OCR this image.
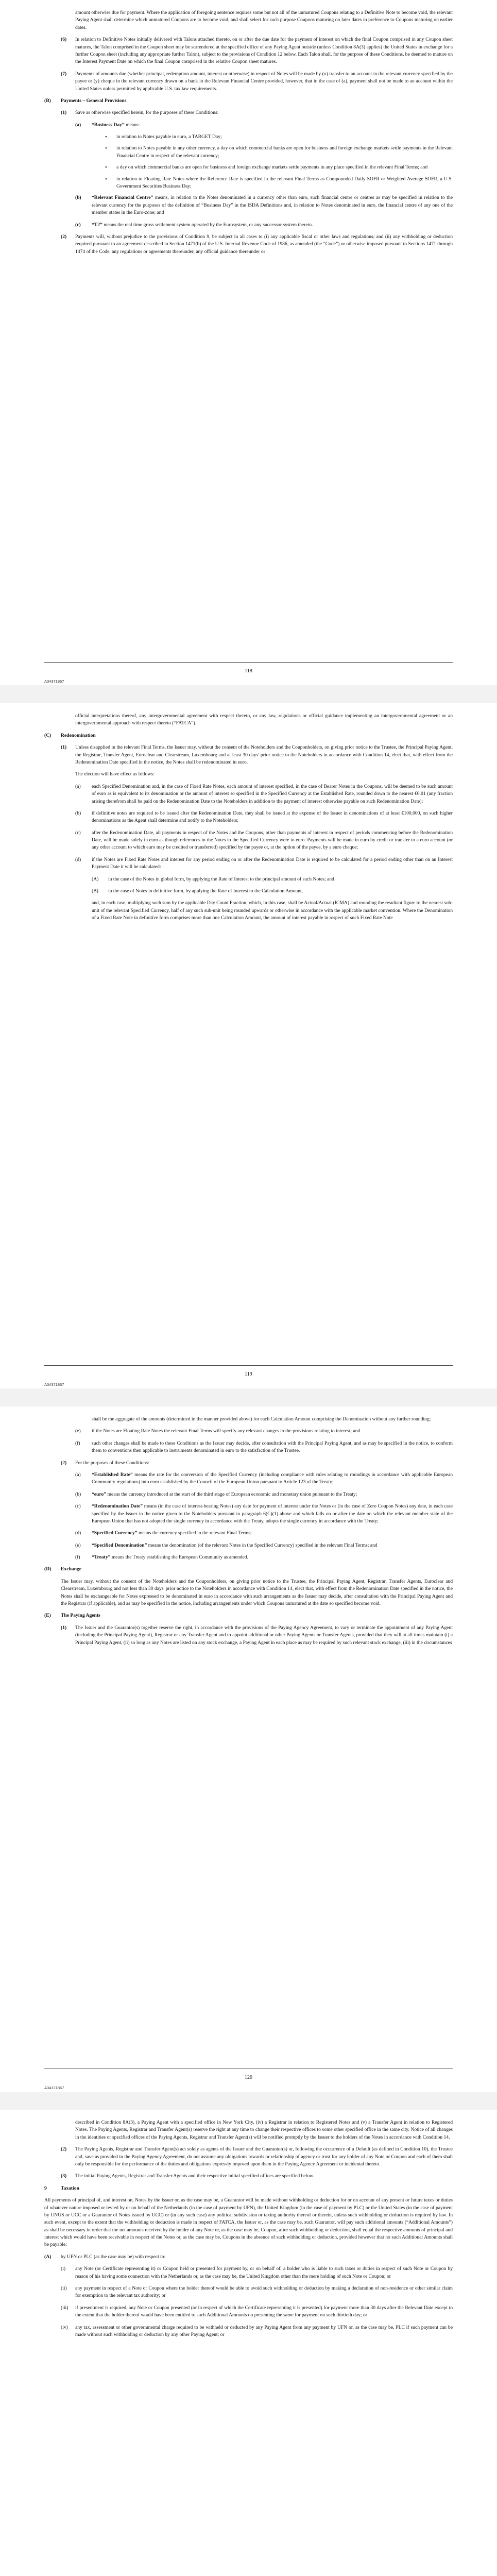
amount otherwise due for payment. Where the application of foregoing sentence requires some but not all of the unmatured Coupons relating to a Definitive Note to become void, the relevant Paying Agent shall determine which unmatured Coupons are to become void, and shall select for such purpose Coupons maturing on later dates in preference to Coupons maturing on earlier dates.

(6)	In relation to Definitive Notes initially delivered with Talons attached thereto, on or after the due date for the payment of interest on which the final Coupon comprised in any Coupon sheet matures, the Talon comprised in the Coupon sheet may be surrendered at the specified office of any Paying Agent outside (unless Condition 8A(3) applies) the United States in exchange for a further Coupon sheet (including any appropriate further Talon), subject to the provisions of Condition 12 below. Each Talon shall, for the purpose of these Conditions, be deemed to mature on the Interest Payment Date on which the final Coupon comprised in the relative Coupon sheet matures.
(7)	Payments of amounts due (whether principal, redemption amount, interest or otherwise) in respect of Notes will be made by (x) transfer to an account in the relevant currency specified by the payee or (y) cheque in the relevant currency drawn on a bank in the Relevant Financial Centre provided, however, that in the case of (a), payment shall not be made to an account within the United States unless permitted by applicable U.S. tax law requirements.
(B)	Payments – General Provisions
(1)	Save as otherwise specified herein, for the purposes of these Conditions:
(a)	“Business Day” means:
•	in relation to Notes payable in euro, a TARGET Day;
•	in relation to Notes payable in any other currency, a day on which commercial banks are open for business and foreign exchange markets settle payments in the Relevant Financial Centre in respect of the relevant currency;
•	a day on which commercial banks are open for business and foreign exchange markets settle payments in any place specified in the relevant Final Terms; and
•	in relation to Floating Rate Notes where the Reference Rate is specified in the relevant Final Terms as Compounded Daily SOFR or Weighted Average SOFR, a U.S. Government Securities Business Day;
(b)	“Relevant Financial Centre” means, in relation to the Notes denominated in a currency other than euro, such financial centre or centres as may be specified in relation to the relevant currency for the purposes of the definition of “Business Day” in the ISDA Definitions and, in relation to Notes denominated in euro, the financial centre of any one of the member states in the Euro-zone; and
(c)	“T2” means the real time gross settlement system operated by the Eurosystem, or any successor system thereto.
(2)	Payments will, without prejudice to the provisions of Condition 9, be subject in all cases to (i) any applicable fiscal or other laws and regulations; and (ii) any withholding or deduction required pursuant to an agreement described in Section 1471(b) of the U.S. Internal Revenue Code of 1986, as amended (the “Code”) or otherwise imposed pursuant to Sections 1471 through 1474 of the Code, any regulations or agreements thereunder, any official guidance thereunder or
118
A34371867

official interpretations thereof, any intergovernmental agreement with respect thereto, or any law, regulations or official guidance implementing an intergovernmental agreement or an intergovernmental approach with respect thereto (“FATCA”).

(C)	Redenomination
(1)	Unless disapplied in the relevant Final Terms, the Issuer may, without the consent of the Noteholders and the Couponholders, on giving prior notice to the Trustee, the Principal Paying Agent, the Registrar, Transfer Agent, Euroclear and Clearstream, Luxembourg and at least 30 days' prior notice to the Noteholders in accordance with Condition 14, elect that, with effect from the Redenomination Date specified in the notice, the Notes shall be redenominated in euro.

The election will have effect as follows:

(a)	each Specified Denomination and, in the case of Fixed Rate Notes, each amount of interest specified, in the case of Bearer Notes in the Coupons, will be deemed to be such amount of euro as is equivalent to its denomination or the amount of interest so specified in the Specified Currency at the Established Rate, rounded down to the nearest €0.01 (any fraction arising therefrom shall be paid on the Redenomination Date to the Noteholders in addition to the payment of interest otherwise payable on such Redenomination Date);
(b)	if definitive notes are required to be issued after the Redenomination Date, they shall be issued at the expense of the Issuer in denominations of at least €100,000, on such higher denominations as the Agent shall determine and notify to the Noteholders;
(c)	after the Redenomination Date, all payments in respect of the Notes and the Coupons, other than payments of interest in respect of periods commencing before the Redenomination Date, will be made solely in euro as though references in the Notes to the Specified Currency were to euro. Payments will be made in euro by credit or transfer to a euro account (or any other account to which euro may be credited or transferred) specified by the payee or, at the option of the payee, by a euro cheque;
(d)	if the Notes are Fixed Rate Notes and interest for any period ending on or after the Redenomination Date is required to be calculated for a period ending other than on an Interest Payment Date it will be calculated:
(A)	in the case of the Notes in global form, by applying the Rate of Interest to the principal amount of such Notes; and
(B)	in the case of Notes in definitive form, by applying the Rate of Interest to the Calculation Amount,

and, in each case, multiplying such sum by the applicable Day Count Fraction, which, in this case, shall be Actual/Actual (ICMA) and rounding the resultant figure to the nearest sub-unit of the relevant Specified Currency, half of any such sub-unit being rounded upwards or otherwise in accordance with the applicable market convention. Where the Denomination of a Fixed Rate Note in definitive form comprises more than one Calculation Amount, the amount of interest payable in respect of such Fixed Rate Note

119
A34371867

shall be the aggregate of the amounts (determined in the manner provided above) for each Calculation Amount comprising the Denomination without any further rounding;

(e)	if the Notes are Floating Rate Notes the relevant Final Terms will specify any relevant changes to the provisions relating to interest; and
(f)	such other changes shall be made to these Conditions as the Issuer may decide, after consultation with the Principal Paying Agent, and as may be specified in the notice, to conform them to conventions then applicable to instruments denominated in euro to the satisfaction of the Trustee.
(2)	For the purposes of these Conditions:
(a)	“Established Rate” means the rate for the conversion of the Specified Currency (including compliance with rules relating to roundings in accordance with applicable European Community regulations) into euro established by the Council of the European Union pursuant to Article 123 of the Treaty;
(b)	“euro” means the currency introduced at the start of the third stage of European economic and monetary union pursuant to the Treaty;
(c)	“Redenomination Date” means (in the case of interest-bearing Notes) any date for payment of interest under the Notes or (in the case of Zero Coupon Notes) any date, in each case specified by the Issuer in the notice given to the Noteholders pursuant to paragraph 6(C)(1) above and which falls on or after the date on which the relevant member state of the European Union that has not adopted the single currency in accordance with the Treaty, adopts the single currency in accordance with the Treaty;
(d)	“Specified Currency” means the currency specified in the relevant Final Terms;
(e)	“Specified Denomination” means the denomination (of the relevant Notes in the Specified Currency) specified in the relevant Final Terms; and
(f)	“Treaty” means the Treaty establishing the European Community as amended.
(D)	Exchange

The Issuer may, without the consent of the Noteholders and the Couponholders, on giving prior notice to the Trustee, the Principal Paying Agent, Registrar, Transfer Agents, Euroclear and Clearstream, Luxembourg and not less than 30 days' prior notice to the Noteholders in accordance with Condition 14, elect that, with effect from the Redenomination Date specified in the notice, the Notes shall be exchangeable for Notes expressed to be denominated in euro in accordance with such arrangements as the Issuer may decide, after consultation with the Principal Paying Agent and the Registrar (if applicable), and as may be specified in the notice, including arrangements under which Coupons unmatured at the date so specified become void.

(E)	The Paying Agents
(1)	The Issuer and the Guarantor(s) together reserve the right, in accordance with the provisions of the Paying Agency Agreement, to vary or terminate the appointment of any Paying Agent (including the Principal Paying Agent), Registrar or any Transfer Agent and to appoint additional or other Paying Agents or Transfer Agents, provided that they will at all times maintain (i) a Principal Paying Agent, (ii) so long as any Notes are listed on any stock exchange, a Paying Agent in each place as may be required by such relevant stock exchange, (iii) in the circumstances
120
A34371867

described in Condition 8A(3), a Paying Agent with a specified office in New York City, (iv) a Registrar in relation to Registered Notes and (v) a Transfer Agent in relation to Registered Notes. The Paying Agents, Registrar and Transfer Agent(s) reserve the right at any time to change their respective offices to some other specified office in the same city. Notice of all changes in the identities or specified offices of the Paying Agents, Registrar and Transfer Agent(s) will be notified promptly by the Issuer to the holders of the Notes in accordance with Condition 14.

(2)	The Paying Agents, Registrar and Transfer Agent(s) act solely as agents of the Issuer and the Guarantor(s) or, following the occurrence of a Default (as defined in Condition 10), the Trustee and, save as provided in the Paying Agency Agreement, do not assume any obligations towards or relationship of agency or trust for any holder of any Note or Coupon and each of them shall only be responsible for the performance of the duties and obligations expressly imposed upon them in the Paying Agency Agreement or incidental thereto.
(3)	The initial Paying Agents, Registrar and Transfer Agents and their respective initial specified offices are specified below.
9	Taxation

All payments of principal of, and interest on, Notes by the Issuer or, as the case may be, a Guarantor will be made without withholding or deduction for or on account of any present or future taxes or duties of whatever nature imposed or levied by or on behalf of the Netherlands (in the case of payment by UFN), the United Kingdom (in the case of payment by PLC) or the United States (in the case of payment by UNUS or UCC or a Guarantor of Notes issued by UCC) or (in any such case) any political subdivision or taxing authority thereof or therein, unless such withholding or deduction is required by law. In such event, except to the extent that the withholding or deduction is made in respect of FATCA, the Issuer or, as the case may be, such Guarantor, will pay such additional amounts (“Additional Amounts”) as shall be necessary in order that the net amounts received by the holder of any Note or, as the case may be, Coupon, after such withholding or deduction, shall equal the respective amounts of principal and interest which would have been receivable in respect of the Notes or, as the case may be, Coupons in the absence of such withholding or deduction, provided however that no such Additional Amounts shall be payable:

(A)	by UFN or PLC (as the case may be) with respect to:
(i)	any Note (or Certificate representing it) or Coupon held or presented for payment by, or on behalf of, a holder who is liable to such taxes or duties in respect of such Note or Coupon by reason of his having some connection with the Netherlands or, as the case may be, the United Kingdom other than the mere holding of such Note or Coupon; or
(ii)	any payment in respect of a Note or Coupon where the holder thereof would be able to avoid such withholding or deduction by making a declaration of non-residence or other similar claim for exemption to the relevant tax authority; or
(iii)	if presentment is required, any Note or Coupon presented (or in respect of which the Certificate representing it is presented) for payment more than 30 days after the Relevant Date except to the extent that the holder thereof would have been entitled to such Additional Amounts on presenting the same for payment on such thirtieth day; or
(iv)	any tax, assessment or other governmental charge required to be withheld or deducted by any Paying Agent from any payment by UFN or, as the case may be, PLC if such payment can be made without such withholding or deduction by any other Paying Agent; or
